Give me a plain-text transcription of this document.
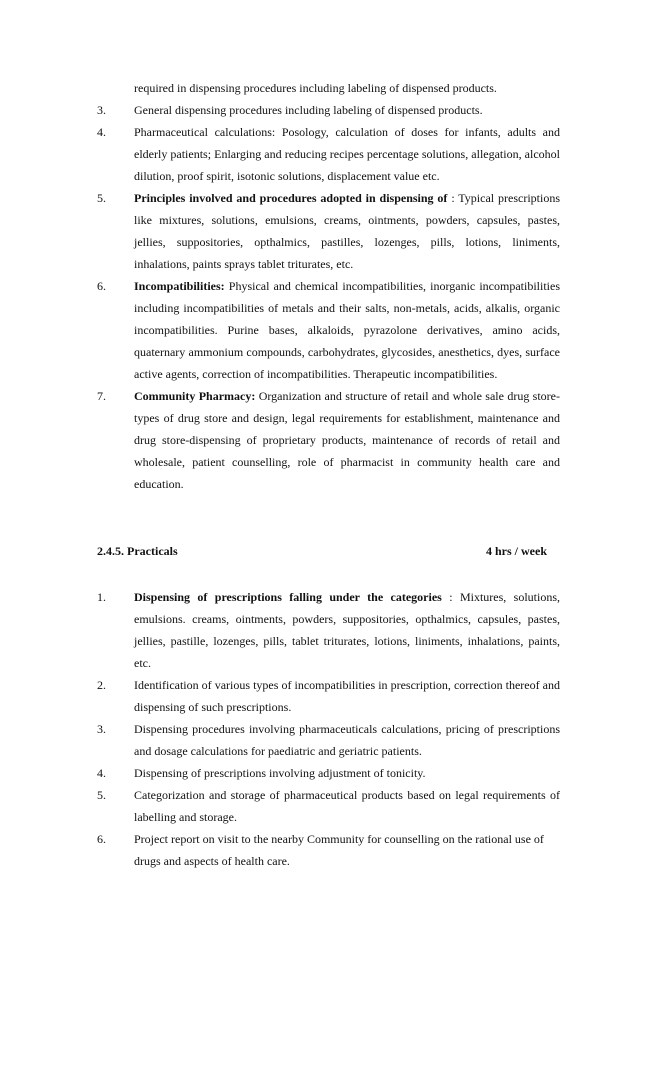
required in dispensing procedures including labeling of dispensed products.

3. General dispensing procedures including labeling of dispensed products.
4. Pharmaceutical calculations: Posology, calculation of doses for infants, adults and elderly patients; Enlarging and reducing recipes percentage solutions, allegation, alcohol dilution, proof spirit, isotonic solutions, displacement value etc.
5. Principles involved and procedures adopted in dispensing of : Typical prescriptions like mixtures, solutions, emulsions, creams, ointments, powders, capsules, pastes, jellies, suppositories, opthalmics, pastilles, lozenges, pills, lotions, liniments, inhalations, paints sprays tablet triturates, etc.
6. Incompatibilities: Physical and chemical incompatibilities, inorganic incompatibilities including incompatibilities of metals and their salts, non-metals, acids, alkalis, organic incompatibilities. Purine bases, alkaloids, pyrazolone derivatives, amino acids, quaternary ammonium compounds, carbohydrates, glycosides, anesthetics, dyes, surface active agents, correction of incompatibilities. Therapeutic incompatibilities.
7. Community Pharmacy: Organization and structure of retail and whole sale drug store-types of drug store and design, legal requirements for establishment, maintenance and drug store-dispensing of proprietary products, maintenance of records of retail and wholesale, patient counselling, role of pharmacist in community health care and education.
2.4.5. Practicals	4 hrs / week
1. Dispensing of prescriptions falling under the categories : Mixtures, solutions, emulsions. creams, ointments, powders, suppositories, opthalmics, capsules, pastes, jellies, pastille, lozenges, pills, tablet triturates, lotions, liniments, inhalations, paints, etc.
2. Identification of various types of incompatibilities in prescription, correction thereof and dispensing of such prescriptions.
3. Dispensing procedures involving pharmaceuticals calculations, pricing of prescriptions and dosage calculations for paediatric and geriatric patients.
4. Dispensing of prescriptions involving adjustment of tonicity.
5. Categorization and storage of pharmaceutical products based on legal requirements of labelling and storage.
6. Project report on visit to the nearby Community for counselling on the rational use of drugs and aspects of health care.
